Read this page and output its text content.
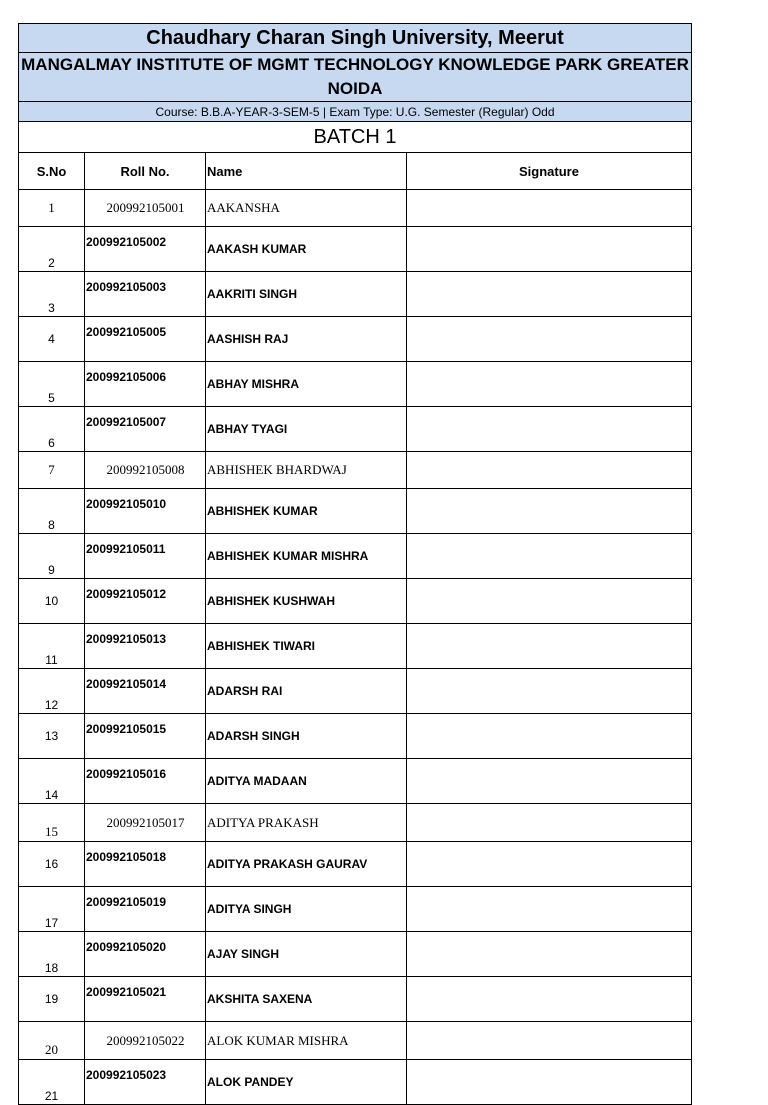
Chaudhary Charan Singh University, Meerut			
MANGALMAY INSTITUTE OF MGMT TECHNOLOGY KNOWLEDGE PARK GREATER NOIDA			
Course: B.B.A-YEAR-3-SEM-5 | Exam Type: U.G. Semester (Regular) Odd			
BATCH 1			
S.No	Roll No.	Name	Signature
1	200992105001	AAKANSHA	
2	200992105002	AAKASH KUMAR	
3	200992105003	AAKRITI SINGH	
4	200992105005	AASHISH RAJ	
5	200992105006	ABHAY MISHRA	
6	200992105007	ABHAY TYAGI	
7	200992105008	ABHISHEK BHARDWAJ	
8	200992105010	ABHISHEK KUMAR	
9	200992105011	ABHISHEK KUMAR MISHRA	
10	200992105012	ABHISHEK KUSHWAH	
11	200992105013	ABHISHEK TIWARI	
12	200992105014	ADARSH RAI	
13	200992105015	ADARSH SINGH	
14	200992105016	ADITYA MADAAN	
15	200992105017	ADITYA PRAKASH	
16	200992105018	ADITYA PRAKASH GAURAV	
17	200992105019	ADITYA SINGH	
18	200992105020	AJAY SINGH	
19	200992105021	AKSHITA SAXENA	
20	200992105022	ALOK KUMAR MISHRA	
21	200992105023	ALOK PANDEY	
